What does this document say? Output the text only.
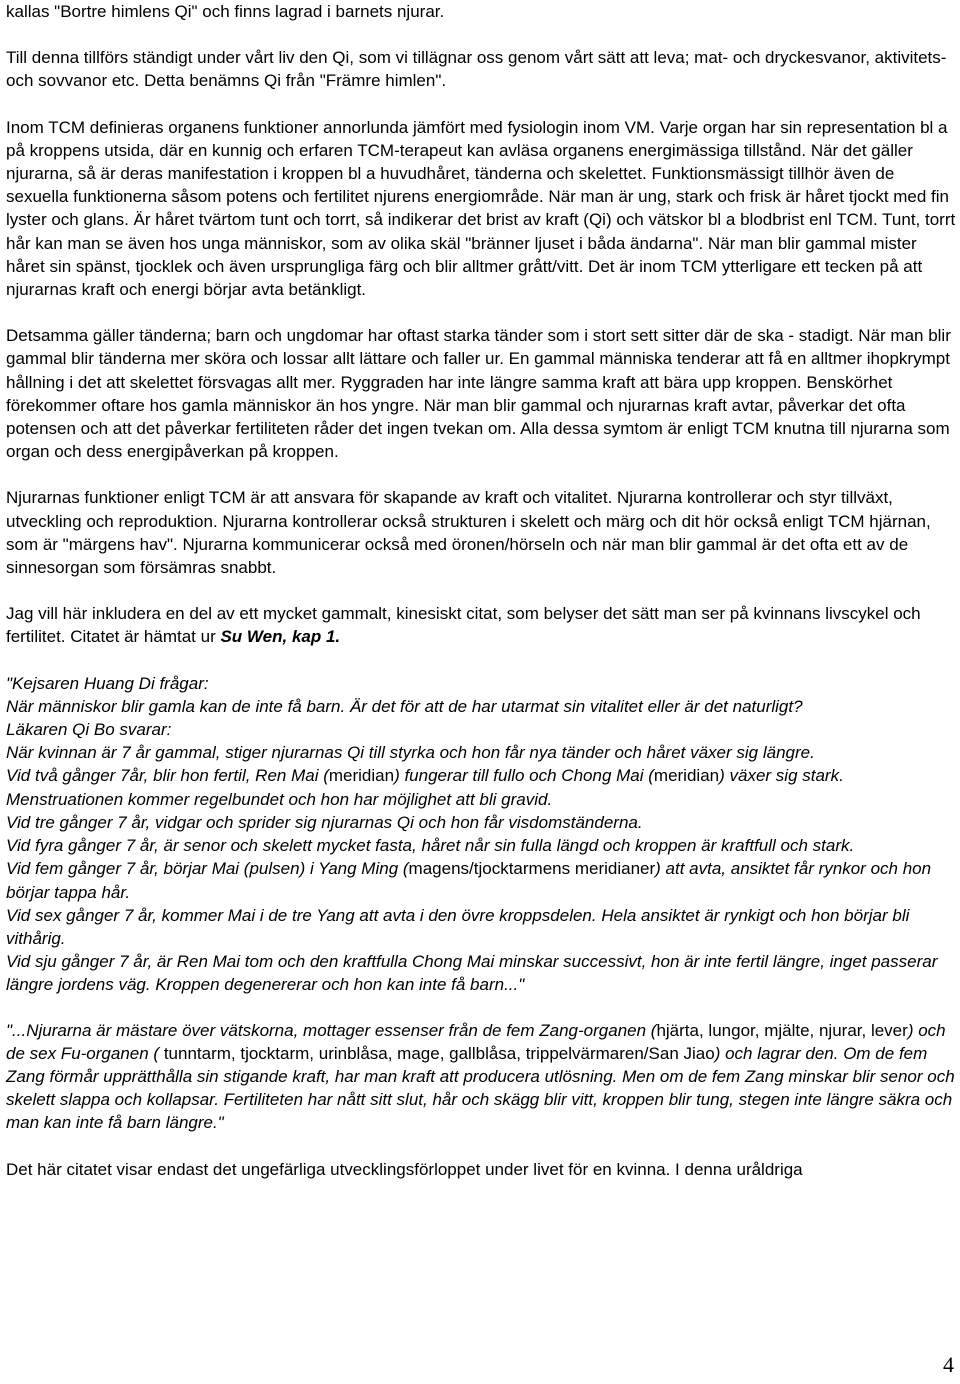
kallas "Bortre himlens Qi" och finns lagrad i barnets njurar.

Till denna tillförs ständigt under vårt liv den Qi, som vi tillägnar oss genom vårt sätt att leva; mat- och dryckesvanor, aktivitets- och sovvanor etc. Detta benämns Qi från "Främre himlen".

Inom TCM definieras organens funktioner annorlunda jämfört med fysiologin inom VM. Varje organ har sin representation bl a på kroppens utsida, där en kunnig och erfaren TCM-terapeut kan avläsa organens energimässiga tillstånd. När det gäller njurarna, så är deras manifestation i kroppen bl a huvudhåret, tänderna och skelettet. Funktionsmässigt tillhör även de sexuella funktionerna såsom potens och fertilitet njurens energiområde. När man är ung, stark och frisk är håret tjockt med fin lyster och glans. Är håret tvärtom tunt och torrt, så indikerar det brist av kraft (Qi) och vätskor bl a blodbrist enl TCM. Tunt, torrt hår kan man se även hos unga människor, som av olika skäl "bränner ljuset i båda ändarna". När man blir gammal mister håret sin spänst, tjocklek och även ursprungliga färg och blir alltmer grått/vitt. Det är inom TCM ytterligare ett tecken på att njurarnas kraft och energi börjar avta betänkligt.

Detsamma gäller tänderna; barn och ungdomar har oftast starka tänder som i stort sett sitter där de ska - stadigt. När man blir gammal blir tänderna mer sköra och lossar allt lättare och faller ur. En gammal människa tenderar att få en alltmer ihopkrympt hållning i det att skelettet försvagas allt mer. Ryggraden har inte längre samma kraft att bära upp kroppen. Benskörhet förekommer oftare hos gamla människor än hos yngre. När man blir gammal och njurarnas kraft avtar, påverkar det ofta potensen och att det påverkar fertiliteten råder det ingen tvekan om. Alla dessa symtom är enligt TCM knutna till njurarna som organ och dess energipåverkan på kroppen.

Njurarnas funktioner enligt TCM är att ansvara för skapande av kraft och vitalitet. Njurarna kontrollerar och styr tillväxt, utveckling och reproduktion. Njurarna kontrollerar också strukturen i skelett och märg och dit hör också enligt TCM hjärnan, som är "märgens hav". Njurarna kommunicerar också med öronen/hörseln och när man blir gammal är det ofta ett av de sinnesorgan som försämras snabbt.

Jag vill här inkludera en del av ett mycket gammalt, kinesiskt citat, som belyser det sätt man ser på kvinnans livscykel och fertilitet. Citatet är hämtat ur Su Wen, kap 1.

"Kejsaren Huang Di frågar:

När människor blir gamla kan de inte få barn. Är det för att de har utarmat sin vitalitet eller är det naturligt?

Läkaren Qi Bo svarar:

När kvinnan är 7 år gammal, stiger njurarnas Qi till styrka och hon får nya tänder och håret växer sig längre.

Vid två gånger 7år, blir hon fertil, Ren Mai (meridian) fungerar till fullo och Chong Mai (meridian) växer sig stark. Menstruationen kommer regelbundet och hon har möjlighet att bli gravid.

Vid tre gånger 7 år, vidgar och sprider sig njurarnas Qi och hon får visdomständerna.

Vid fyra gånger 7 år, är senor och skelett mycket fasta, håret når sin fulla längd och kroppen är kraftfull och stark.

Vid fem gånger 7 år, börjar Mai (pulsen) i Yang Ming (magens/tjocktarmens meridianer) att avta, ansiktet får rynkor och hon börjar tappa hår.

Vid sex gånger 7 år, kommer Mai i de tre Yang att avta i den övre kroppsdelen. Hela ansiktet är rynkigt och hon börjar bli vithårig.

Vid sju gånger 7 år, är Ren Mai tom och den kraftfulla Chong Mai minskar successivt, hon är inte fertil längre, inget passerar längre jordens väg. Kroppen degenererar och hon kan inte få barn..."

"...Njurarna är mästare över vätskorna, mottager essenser från de fem Zang-organen (hjärta, lungor, mjälte, njurar, lever) och de sex Fu-organen ( tunntarm, tjocktarm, urinblåsa, mage, gallblåsa, trippelvärmaren/San Jiao) och lagrar den. Om de fem Zang förmår upprätthålla sin stigande kraft, har man kraft att producera utlösning. Men om de fem Zang minskar blir senor och skelett slappa och kollapsar. Fertiliteten har nått sitt slut, hår och skägg blir vitt, kroppen blir tung, stegen inte längre säkra och man kan inte få barn längre."

Det här citatet visar endast det ungefärliga utvecklingsförloppet under livet för en kvinna. I denna uråldriga

4
